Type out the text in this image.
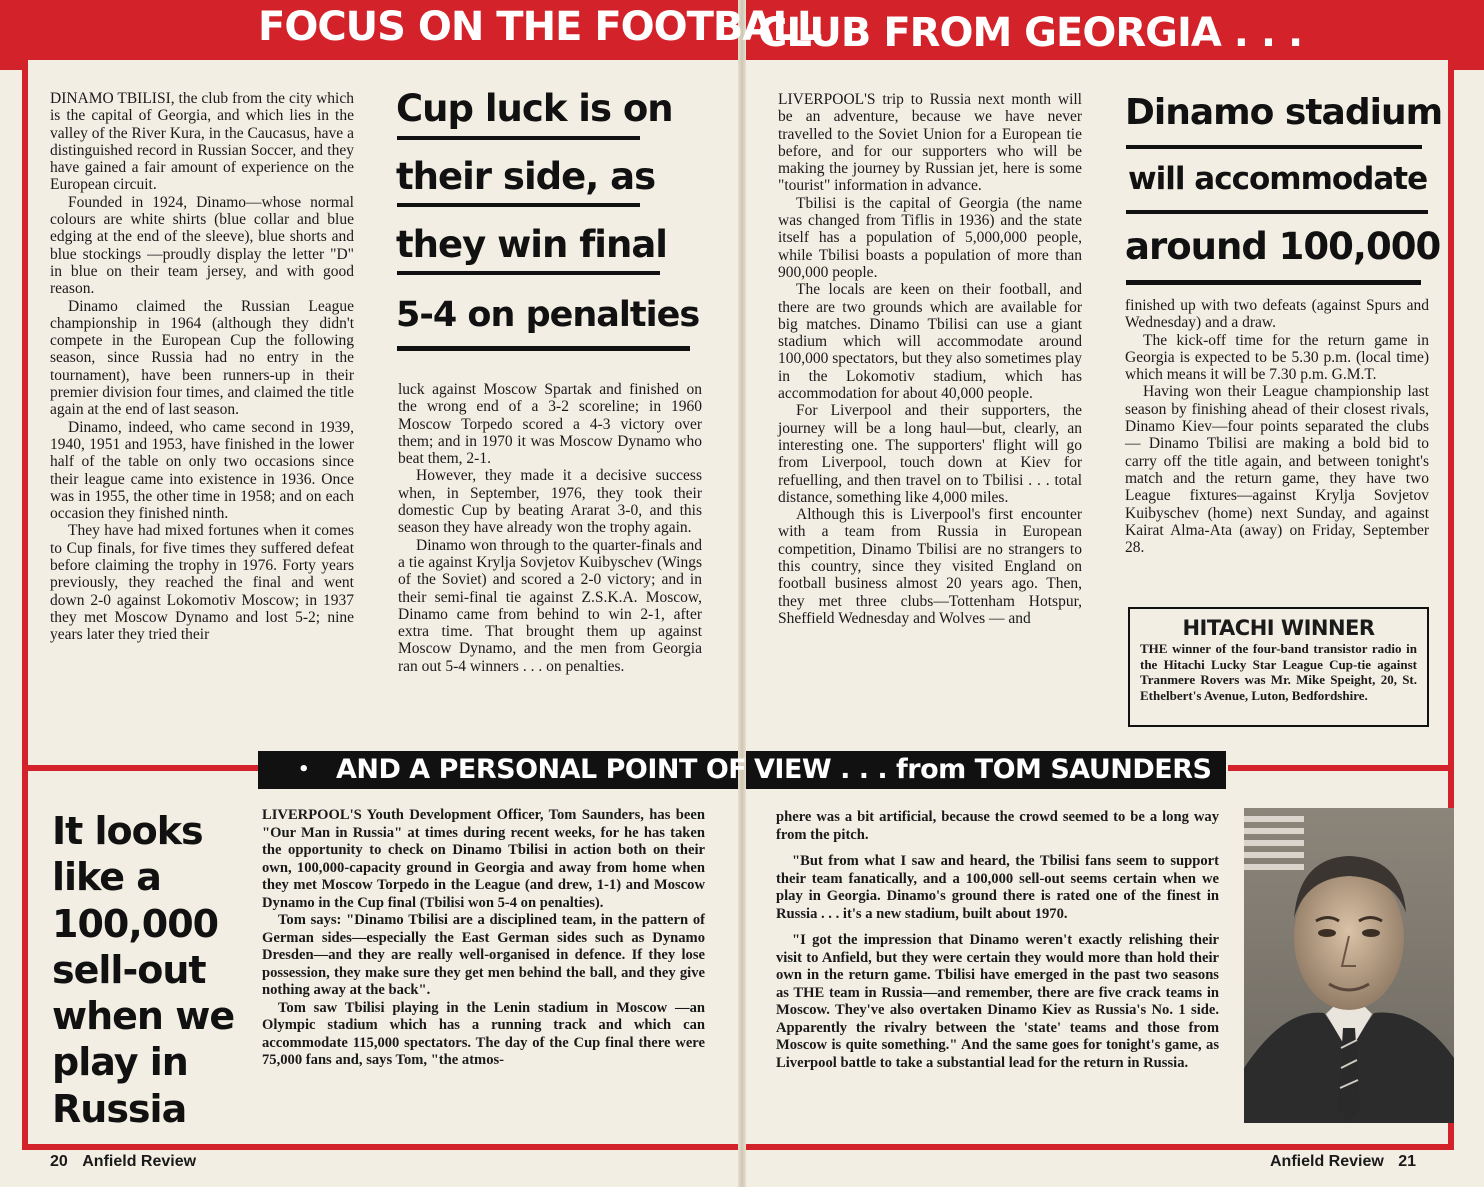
FOCUS ON THE FOOTBALL
CLUB FROM GEORGIA . . .

DINAMO TBILISI, the club from the city which is the capital of Georgia, and which lies in the valley of the River Kura, in the Caucasus, have a distinguished record in Russian Soccer, and they have gained a fair amount of experience on the European circuit.

Founded in 1924, Dinamo—whose normal colours are white shirts (blue collar and blue edging at the end of the sleeve), blue shorts and blue stockings —proudly display the letter "D" in blue on their team jersey, and with good reason.

Dinamo claimed the Russian League championship in 1964 (although they didn't compete in the European Cup the following season, since Russia had no entry in the tournament), have been runners-up in their premier division four times, and claimed the title again at the end of last season.

Dinamo, indeed, who came second in 1939, 1940, 1951 and 1953, have finished in the lower half of the table on only two occasions since their league came into existence in 1936. Once was in 1955, the other time in 1958; and on each occasion they finished ninth.

They have had mixed fortunes when it comes to Cup finals, for five times they suffered defeat before claiming the trophy in 1976. Forty years previously, they reached the final and went down 2-0 against Lokomotiv Moscow; in 1937 they met Moscow Dynamo and lost 5-2; nine years later they tried their

Cup luck is on
their side, as
they win final
5-4 on penalties

luck against Moscow Spartak and finished on the wrong end of a 3-2 scoreline; in 1960 Moscow Torpedo scored a 4-3 victory over them; and in 1970 it was Moscow Dynamo who beat them, 2-1.

However, they made it a decisive success when, in September, 1976, they took their domestic Cup by beating Ararat 3-0, and this season they have already won the trophy again.

Dinamo won through to the quarter-finals and a tie against Krylja Sovjetov Kuibyschev (Wings of the Soviet) and scored a 2-0 victory; and in their semi-final tie against Z.S.K.A. Moscow, Dinamo came from behind to win 2-1, after extra time. That brought them up against Moscow Dynamo, and the men from Georgia ran out 5-4 winners . . . on penalties.

LIVERPOOL'S trip to Russia next month will be an adventure, because we have never travelled to the Soviet Union for a European tie before, and for our supporters who will be making the journey by Russian jet, here is some "tourist" information in advance.

Tbilisi is the capital of Georgia (the name was changed from Tiflis in 1936) and the state itself has a population of 5,000,000 people, while Tbilisi boasts a population of more than 900,000 people.

The locals are keen on their football, and there are two grounds which are available for big matches. Dinamo Tbilisi can use a giant stadium which will accommodate around 100,000 spectators, but they also sometimes play in the Lokomotiv stadium, which has accommodation for about 40,000 people.

For Liverpool and their supporters, the journey will be a long haul—but, clearly, an interesting one. The supporters' flight will go from Liverpool, touch down at Kiev for refuelling, and then travel on to Tbilisi . . . total distance, something like 4,000 miles.

Although this is Liverpool's first encounter with a team from Russia in European competition, Dinamo Tbilisi are no strangers to this country, since they visited England on football business almost 20 years ago. Then, they met three clubs—Tottenham Hotspur, Sheffield Wednesday and Wolves — and

Dinamo stadium
will accommodate
around 100,000

finished up with two defeats (against Spurs and Wednesday) and a draw.

The kick-off time for the return game in Georgia is expected to be 5.30 p.m. (local time) which means it will be 7.30 p.m. G.M.T.

Having won their League championship last season by finishing ahead of their closest rivals, Dinamo Kiev—four points separated the clubs — Dinamo Tbilisi are making a bold bid to carry off the title again, and between tonight's match and the return game, they have two League fixtures—against Krylja Sovjetov Kuibyschev (home) next Sunday, and against Kairat Alma-Ata (away) on Friday, September 28.

HITACHI WINNER

THE winner of the four-band transistor radio in the Hitachi Lucky Star League Cup-tie against Tranmere Rovers was Mr. Mike Speight, 20, St. Ethelbert's Avenue, Luton, Bedfordshire.

• AND A PERSONAL POINT OF VIEW . . . from TOM SAUNDERS
It looks
like a
100,000
sell-out
when we
play in
Russia

LIVERPOOL'S Youth Development Officer, Tom Saunders, has been "Our Man in Russia" at times during recent weeks, for he has taken the opportunity to check on Dinamo Tbilisi in action both on their own, 100,000-capacity ground in Georgia and away from home when they met Moscow Torpedo in the League (and drew, 1-1) and Moscow Dynamo in the Cup final (Tbilisi won 5-4 on penalties).

Tom says: "Dinamo Tbilisi are a disciplined team, in the pattern of German sides—especially the East German sides such as Dynamo Dresden—and they are really well-organised in defence. If they lose possession, they make sure they get men behind the ball, and they give nothing away at the back".

Tom saw Tbilisi playing in the Lenin stadium in Moscow —an Olympic stadium which has a running track and which can accommodate 115,000 spectators. The day of the Cup final there were 75,000 fans and, says Tom, "the atmos-

phere was a bit artificial, because the crowd seemed to be a long way from the pitch.

"But from what I saw and heard, the Tbilisi fans seem to support their team fanatically, and a 100,000 sell-out seems certain when we play in Georgia. Dinamo's ground there is rated one of the finest in Russia . . . it's a new stadium, built about 1970.

"I got the impression that Dinamo weren't exactly relishing their visit to Anfield, but they were certain they would more than hold their own in the return game. Tbilisi have emerged in the past two seasons as THE team in Russia—and remember, there are five crack teams in Moscow. They've also overtaken Dinamo Kiev as Russia's No. 1 side. Apparently the rivalry between the 'state' teams and those from Moscow is quite something." And the same goes for tonight's game, as Liverpool battle to take a substantial lead for the return in Russia.

20 Anfield Review	Anfield Review 21
